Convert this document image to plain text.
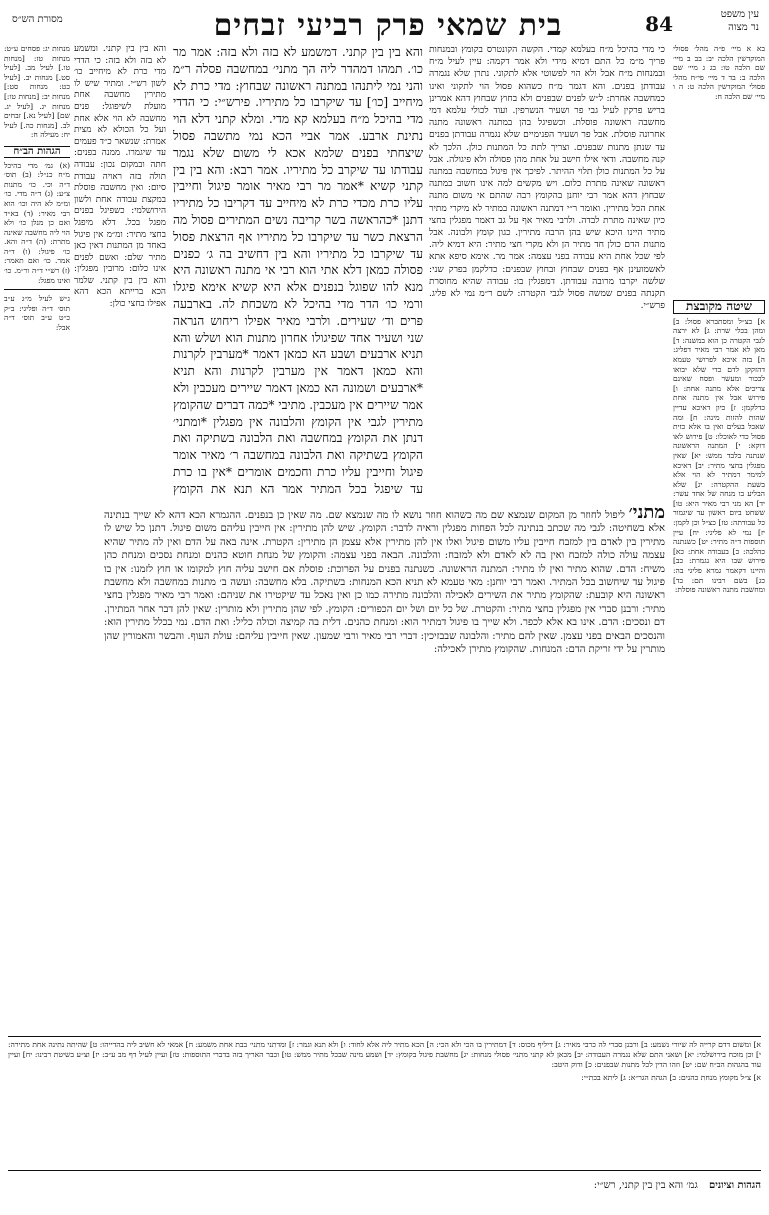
עין משפט
נר מצוה
84
בית שמאי פרק רביעי זבחים
מסורת הש״ס

בא א מיי׳ פ״ה מהל׳ פסולי המוקדשין הלכה יב: בב ב מיי׳ שם הלכה טו: בג ג מיי׳ שם הלכה ב: בד ד מיי׳ פי״ח מהל׳ פסולי המוקדשין הלכה ט: ה ו מיי׳ שם הלכה ח:

שיטה מקובצת

א] כצ״ל ומסתברא פסול: ב] ומהן בכלי שרת: ג] לא ירצה לגבי הקטרה כן הוא במשנה: ד] מאן לא אמר רבי מאיר דפליג: ה] בזה איכא לפרושי טעמא דהזקקן לדם כדי שלא יבואו לבכור ומעשר ופסח שאינם צריכים אלא מתנה אחת: ו] פירוש אבל אין מתנה אחת כדלקמן: ז] כיון דאיכא עדיין שהות להזות מינה: ח] ומה שאכל בעלים ואין בו אלא כזית פסול כדי לאוכלו: ט] פירוש לאו דוקא: י] המתנה הראשונה שנתנה בלבד ממש: יא] שאין מפגלין בחצי מתיר: יב] דאיכא למימר דמתיר לא הוי אלא בשעת ההקטרה: יג] שלא הבליע בו מנחה של אחד עשר: יד] הא מני רבי מאיר היא: טו] ששחט ביום ראשון עד שיגמור כל עבודתה: טז] כצ״ל וכן לקמן: יז] נמי לא פליגי: יח] עיין תוספות ד״ה מתיר: יט] כשנתנה כהלכה: כ] בעבודה אחת: כא] פירוש שבו היא נגמרת: כב] והיינו דקאמר גמרא פליגי בה: כג] בשם רבינו תם: כד] ומחשבת מתנה ראשונה פוסלת:

כי מדי בהיכל מ״ח בעלמא קמדי. הקשה הקונטרס בקומץ ובמנחות פריך מ״מ כל התם דמיא מידי ולא אמר דקמה: עיין לעיל מ״ח ובמנחות מ״ח אבל ולא הוי לפשוטי אלא לתקוני. נתרן שלא נגמרה עבודתן בפנים. והא דגמר מ״ח כשהוא פסול הוי לתקוני ואינו כמחשבה אחרת: ל״ש לפנים שבפנים ולא בחוץ שבחוץ דהא אמרינן בריש פרקין לעיל גבי פר ושעיר הנשרפין. ועוד לכולי עלמא דמי מחשבה ראשונה פוסלת. וכשפיגל בהן במתנה ראשונה מתנה אחרונה פוסלת. אבל פר ושעיר הפנימיים שלא נגמרה עבודתן בפנים עד שנתן מתנות שבפנים. וצריך לתת כל המתנות כולן. הלכך לא קנה מחשבה. ודאי אילו חישב על אחת מהן פסולה ולא פיגולה. אבל על כל המתנות כולן תלוי ההיתר. לפיכך אין פיגול במחשבה במתנה ראשונה שאינה מתרת כלום. ויש מקשים למה אינו חשוב כמתנה שבחוץ דהא אמר רבי יוחנן בהקומץ רבה שהתם אי משום מתנה אחת הכל מתירין. ואומר ר״י דמתנה ראשונה במתיר לא מיקרי מתיר כיון שאינה מתרת לבדה. ולרבי מאיר אף על גב דאמר מפגלין בחצי מתיר היינו היכא שיש בהן הרבה מתירין. כגון קומץ ולבונה. אבל מתנות הדם כולן חד מתיר הן ולא מקרי חצי מתיר: היא דמיא ליה. לפי שכל אחת היא עבודה בפני עצמה: אמר מר. אימא סיפא אתא לאשמועינן אף בפנים שבחוץ ובחוץ שבפנים: כדלקמן בפרק שני: שלשה יקרבו מרובה עבודתן. דמפגלין בו: עבודה שהיא מחוסרת תקנתה בפנים שמשה פסול לגבי הקטרה: לשם ר״מ נמי לא פליג. פרש״י.

והא בין בין קתני. דמשמע לא בזה ולא בזה: אמר מר כו׳. תמהו דמהדר ליה הך מתני׳ במחשבה פסלה ר״מ והני נמי ליתנהו במתנה ראשונה שבחוץ: מדי כרת לא מיחייב [כו׳] עד שיקרבו כל מתיריו. פירש״י: כי הדדי מדי בהיכל מ״ח בעלמא קא מדי. ומלא קתני דלא הוי נתינת ארבע. אמר אביי הכא נמי מתשבה פסול שיצחתי בפנים שלמא אכא לי משום שלא נגמר עבודתו עד שיקרב כל מתיריו. אמר רבא: והא בין בין קתני קשיא *אמר מר רבי מאיר אומר פיגול וחייבין עליו כרת מכדי כרת לא מיחייב עד דקריבו כל מתיריו דתנן *כהראשה בשר קריבה נשים המתירים פסול מה הרצאת כשר עד שיקרבו כל מתיריו אף הרצאת פסול עד שיקרבו כל מתיריו והא בין דחשיב בה ג׳ כפנים פסולה כמאן דלא אתי הוא רבי אי מתנה ראשונה היא מנא להו שפוגל בנפנים אלא היא קשיא אימא פיגלו ורמי כו׳ הדר מדי בהיכל לא משכחת לה. בארבעה פרים וד׳ שעירים. ולרבי מאיר אפילו ריחוש הנראה שני ושעיר אחד שפיגולו אחרון מתנות הוא ושלש והא תניא ארבעים ושבע הא כמאן דאמר *מערבין לקרנות והא כמאן דאמר אין מערבין לקרנות והא תניא *ארבעים ושמונה הא כמאן דאמר שיירים מעכבין ולא אמר שיירים אין מעכבין. מתיבי *כמה דברים שהקומץ מתירין לגבי אין הקומץ והלבונה אין מפגלין *ומתני׳ דנתן את הקומץ במחשבה ואת הלבונה בשתיקה ואת הקומץ בשתיקה ואת הלבונה במחשבה ר׳ מאיר אומר פיגול וחייבין עליו כרת וחכמים אומרים *אין בו כרת עד שיפגל בכל המתיר אמר הא תנא את הקומץ

והא בין בין קתני. ומשמע לא בזה ולא בזה: כי הדדי מדי כרת לא מיחייב כו׳ לשון רש״י. ומתיר שיש לו מתירין מחשבה אחת מועלת לשיפוגל: פנים מחשבה לא הוי אלא אחת ועל כל הכולא לא מצית אמרת: שנשאר כ״ד פעמים עד שיגמרו. ממנה בפנים: חתה ובמקום נכון: עבודה תולה בזה ראויה עבודת סיום: ואין מחשבה פוסלת במקצת עבודה אחת ולשון הירושלמי: כשפיגל בפנים מפגל בכל. דלא מיפגל בחצי מתיר: ומ״מ אין פיגול באחד מן המתנות דאין כאן מתיר שלם: ואשם לפנים אינו כלום: מרובין מפגלין: והא בין בין קתני. שלמר הכא ברייתא הכא דהא אפילו בחצי כולן:

מנחות יג: פסחים ע״ט: מנחות טז: [מנחות טו.] לעיל מב. [לעיל סט.] מנחות יב. [לעיל כט: מנחות סט:] מנחות יב: [מנחות טו:] מנחות יג. [לעיל יג. שם] [לעיל נא.] זבחים לב. [מנחות כה.] לעיל יח: מעילה ח:

הגהות הב״ח

(א) גמ׳ מדי בהיכל מ״ח כנ״ל: (ב) תוס׳ ד״ה וכי. כו׳ מתנות צ״ע: (ג) ד״ה מדי. כו׳ ומ״מ לא היה וכו׳ הוא רבי מאיר: (ד) בא״ד ואם כן מנלן כו׳ ולא הוי ליה מחשבה שאינה מתרת: (ה) ד״ה והא. כו׳ פיגול: (ו) ד״ה אמר. כו׳ ואם תאמר: (ז) רש״י ד״ה ור״מ. כו׳ ואינו מפגל:

ג״ש לעיל מ״ג ע״ב תוס׳ ד״ה ופליגי: ב״ק כ״ט ע״ב תוס׳ ד״ה אבל:

מתני׳ ליפול לחוזר מן המקום שנמצא שם מה כשהוא חוזר נושא לו מה שנמצא שם. מה שאין כן בנפנים. ההגמרא הכא דהא לא שייך בנתינה אלא בשחיטה: לגבי מה שכתב בנתינה לכל הפחות מפגלין וראיה לדבר: הקומץ. שיש להן מתירין: אין חייבין עליהם משום פיגול. דתנן כל שיש לו מתירין בין לאדם בין למזבח חייבין עליו משום פיגול ואלו אין להן מתירין אלא עצמן הן מתירין: הקטרת. אינה באה על הדם ואין לה מתיר שהיא עצמה עולה כולה למזבח ואין בה לא לאדם ולא למזבח: והלבונה. הבאה בפני עצמה: והקומץ של מנחת חוטא כהנים ומנחת נסכים ומנחת כהן משיח: הדם. שהוא מתיר ואין לו מתיר: המתנה הראשונה. כשנתנה בפנים על הפרוכת: פוסלת אם חישב עליה חוץ למקומו או חוץ לזמנו: אין בו פיגול עד שיחשוב בכל המתיר. ואמר רבי יוחנן: מאי טעמא לא תניא הכא המנחות: בשתיקה. בלא מחשבה: ועשה ב׳ מתנות במחשבה ולא מחשבת ראשונה היא קובעת: שהקומץ מתיר את השירים לאכילה והלבונה מתירה כמו כן ואין נאכל עד שיקטירו את שניהם: ואמר רבי מאיר מפגלין בחצי מתיר: ורבנן סברי אין מפגלין בחצי מתיר: והקטרת. של כל יום ושל יום הכפורים: הקומץ. לפי שהן מתירין ולא מותרין: שאין להן דבר אחר המתירן. דם ונסכים: הדם. אינו בא אלא לכפר. ולא שייך בו פיגול דמתיר הוא: ומנחת כהנים. דלית בה קמיצה וכולה כליל: ואת הדם. נמי בכלל מתירין הוא: והנסכים הבאים בפני עצמן. שאין להם מתיר: והלבונה שבבזיכין: דברי רבי מאיר ורבי שמעון. שאין חייבין עליהם: עולת העוף. והבשר והאמורין שהן מותרין על ידי זריקת הדם: המנחות. שהקומץ מתירן לאכילה:

א] ומשום דדם קרייה לה שיורי נשמע: ב] ורבנן סברי לה כרבי מאיר: ג] דיליף מכוס: ד] דמתירין בו הכי ולא הכי: ה] הכא מתיר ליה אלא לחוד: ו] ולא תנא וגמר: ז] ומדתני מתני׳ בבת אחת משמע: ח] אמאי לא חשיב ליה בהדייהו: ט] שהיתה נתינה אחת מתירה: י] וכן מוכח בירושלמי: יא] ושאני התם שלא נגמרה העבודה: יב] מכאן לא קתני מתני׳ פסולי מנחות: יג] מחשבת פיגול בקומץ: יד] ושמע מינה שבכל מתיר ממש: טו] וכבר האריך בזה בדברי התוספות: טז] ועיין לעיל דף מב ע״ב: יז] וצ״ע בשיטת רבינו: יח] ועיין עוד בהגהות הב״ח שם: יט] וזהו הדין לכל מתנות שבפנים: כ] ודוק היטב:

א] צ״ל מקומץ מנחת כהנים: ב] הגהת הגר״א: ג] ליתא בכת״י:

הגהות וציונים גמ׳ והא בין בין קתני, רש״י:
